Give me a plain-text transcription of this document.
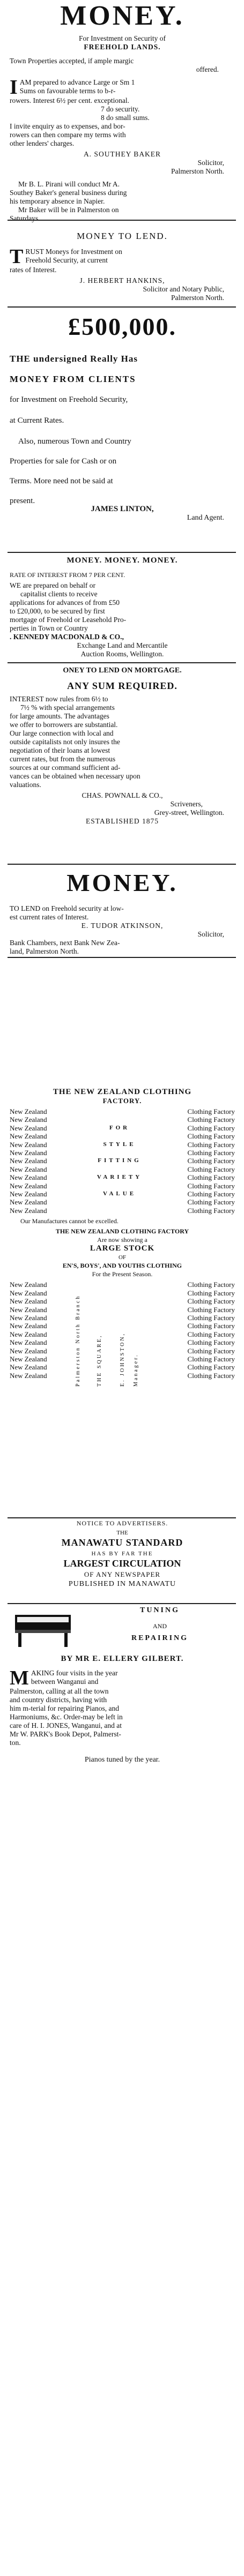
MONEY.
For Investment on Security of
FREEHOLD LANDS.
Town Properties accepted, if ample margic
offered.
I AM prepared to advance Large or Sm 1
Sums on favourable terms to b-r-
rowers. Interest 6½ per cent. exceptional.
7 do security.
8 do small sums.
I invite enquiry as to expenses, and bor-
rowers can then compare my terms with
other lenders' charges.
A. SOUTHEY BAKER
Solicitor,
Palmerston North.
Mr B. L. Pirani will conduct Mr A.
Southey Baker's general business during
his temporary absence in Napier.
Mr Baker will be in Palmerston on
Saturdays.
MONEY TO LEND.
T RUST Moneys for Investment on
Freehold Security, at current
rates of Interest.
J. HERBERT HANKINS,
Solicitor and Notary Public,
Palmerston North.
£500,000.
THE undersigned Really Has
MONEY FROM CLIENTS
for Investment on Freehold Security,
at Current Rates.
Also, numerous Town and Country
Properties for sale for Cash or on
Terms. More need not be said at
present.
JAMES LINTON,
Land Agent.
MONEY. MONEY. MONEY.
RATE OF INTEREST FROM 7 PER CENT.
WE are prepared on behalf or
capitalist clients to receive
applications for advances of from £50
to £20,000, to be secured by first
mortgage of Freehold or Leasehold Pro-
perties in Town or Country
. KENNEDY MACDONALD & CO.,
Exchange Land and Mercantile
Auction Rooms, Wellington.
ONEY TO LEND ON MORTGAGE.
ANY SUM REQUIRED.
INTEREST now rules from 6½ to
7½ % with special arrangements
for large amounts. The advantages
we offer to borrowers are substantial.
Our large connection with local and
outside capitalists not only insures the
negotiation of their loans at lowest
current rates, but from the numerous
sources at our command sufficient ad-
vances can be obtained when necessary upon
valuations.
CHAS. POWNALL & CO.,
Scriveners,
Grey-street, Wellington.
ESTABLISHED 1875
MONEY.
TO LEND on Freehold security at low-
est current rates of Interest.
E. TUDOR ATKINSON,
Solicitor,
Bank Chambers, next Bank New Zea-
land, Palmerston North.
THE NEW ZEALAND CLOTHING
FACTORY.
New Zealand	Clothing Factory
New Zealand	Clothing Factory
New Zealand	FOR	Clothing Factory
New Zealand	Clothing Factory
New Zealand	STYLE	Clothing Factory
New Zealand	Clothing Factory
New Zealand	FITTING	Clothing Factory
New Zealand	Clothing Factory
New Zealand	VARIETY	Clothing Factory
New Zealand	Clothing Factory
New Zealand	VALUE	Clothing Factory
New Zealand	Clothing Factory
New Zealand	Clothing Factory
Our Manufactures cannot be excelled.
THE NEW ZEALAND CLOTHING FACTORY
Are now showing a
LARGE STOCK
OF
EN'S, BOYS', AND YOUTHS CLOTHING
For the Present Season.
New Zealand	Clothing Factory
New Zealand	Clothing Factory
New Zealand	Clothing Factory
New Zealand	Clothing Factory
New Zealand	Clothing Factory
New Zealand	Clothing Factory
New Zealand	Clothing Factory
New Zealand	Clothing Factory
New Zealand	Clothing Factory
New Zealand	Clothing Factory
New Zealand	Clothing Factory
New Zealand	Clothing Factory
Palmerston North Branch	THE SQUARE,	E. JOHNSTON, Manager.
NOTICE TO ADVERTISERS.
THE
MANAWATU STANDARD
HAS BY FAR THE
LARGEST CIRCULATION
OF ANY NEWSPAPER
PUBLISHED IN MANAWATU
TUNING
AND
REPAIRING
BY MR E. ELLERY GILBERT.
M AKING four visits in the year
between Wanganui and
Palmerston, calling at all the town
and country districts, having with
him m-terial for repairing Pianos, and
Harmoniums, &c. Order-may be left in
care of H. I. JONES, Wanganui, and at
Mr W. PARK's Book Depot, Palmerst-
ton.
Pianos tuned by the year.
